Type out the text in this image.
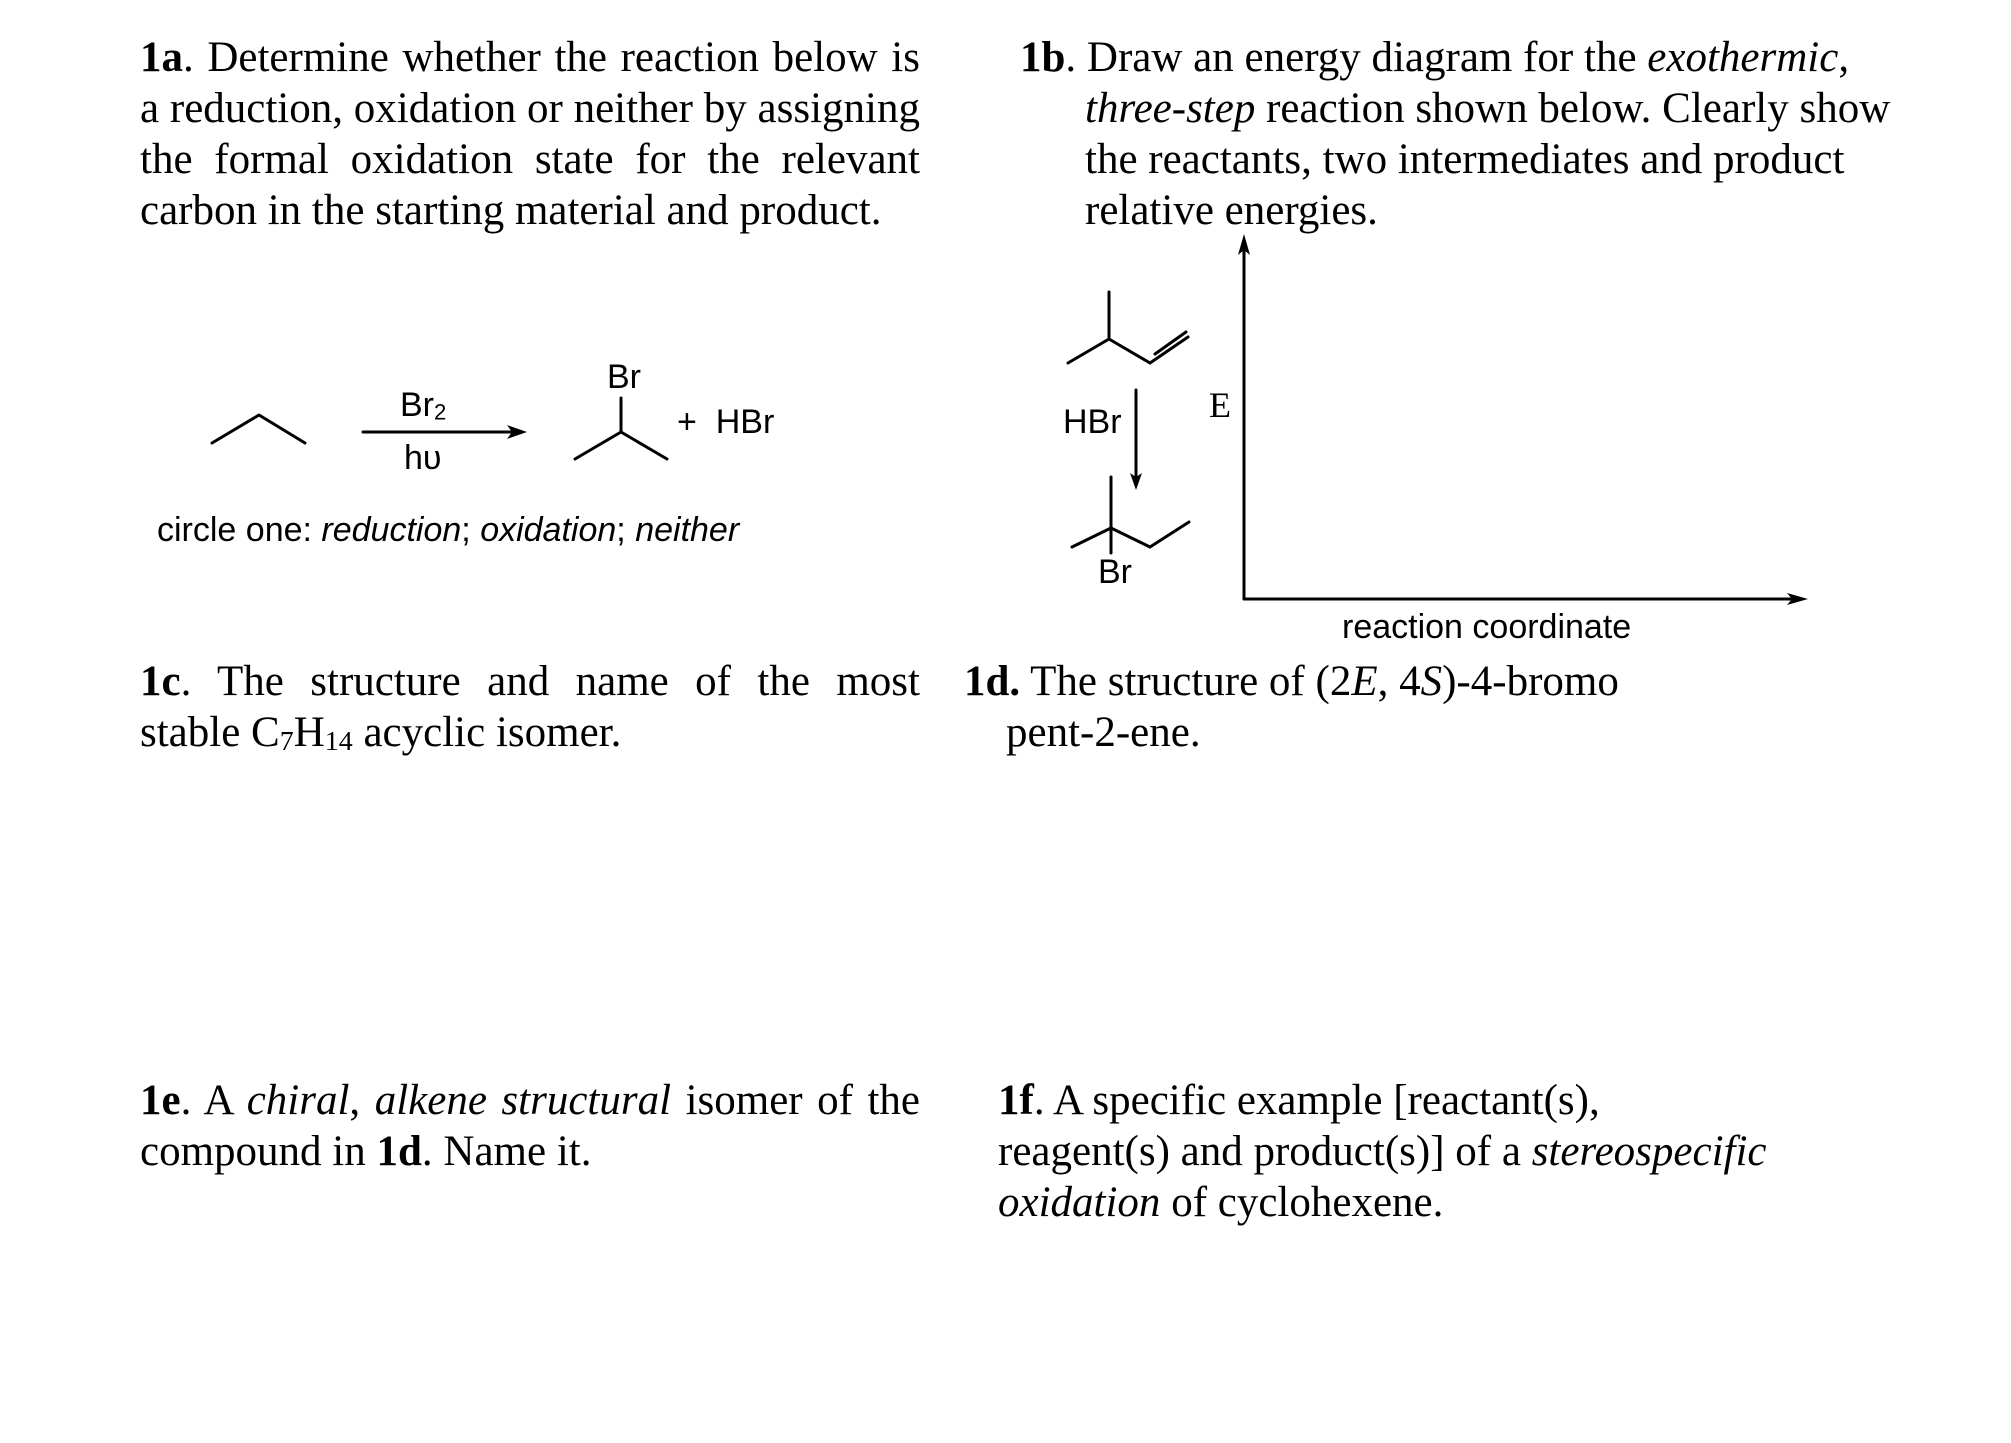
1a. Determine whether the reaction below is a reduction, oxidation or neither by assigning the formal oxidation state for the relevant carbon in the starting material and product.
$Br_2$
hυ
Br
+  HBr
circle one: reduction; oxidation; neither

1b. Draw an energy diagram for the exothermic,

three-step reaction shown below. Clearly show the reactants, two intermediates and product relative energies.

HBr
Br
E
reaction coordinate
1c. The structure and name of the most stable $C_7H_{14}$ acyclic isomer.

1d. The structure of (2E, 4S)-4-bromo

pent-2-ene.

1e. A chiral, alkene structural isomer of the compound in 1d. Name it.
1f. A specific example [reactant(s), reagent(s) and product(s)] of a stereospecific oxidation of cyclohexene.
